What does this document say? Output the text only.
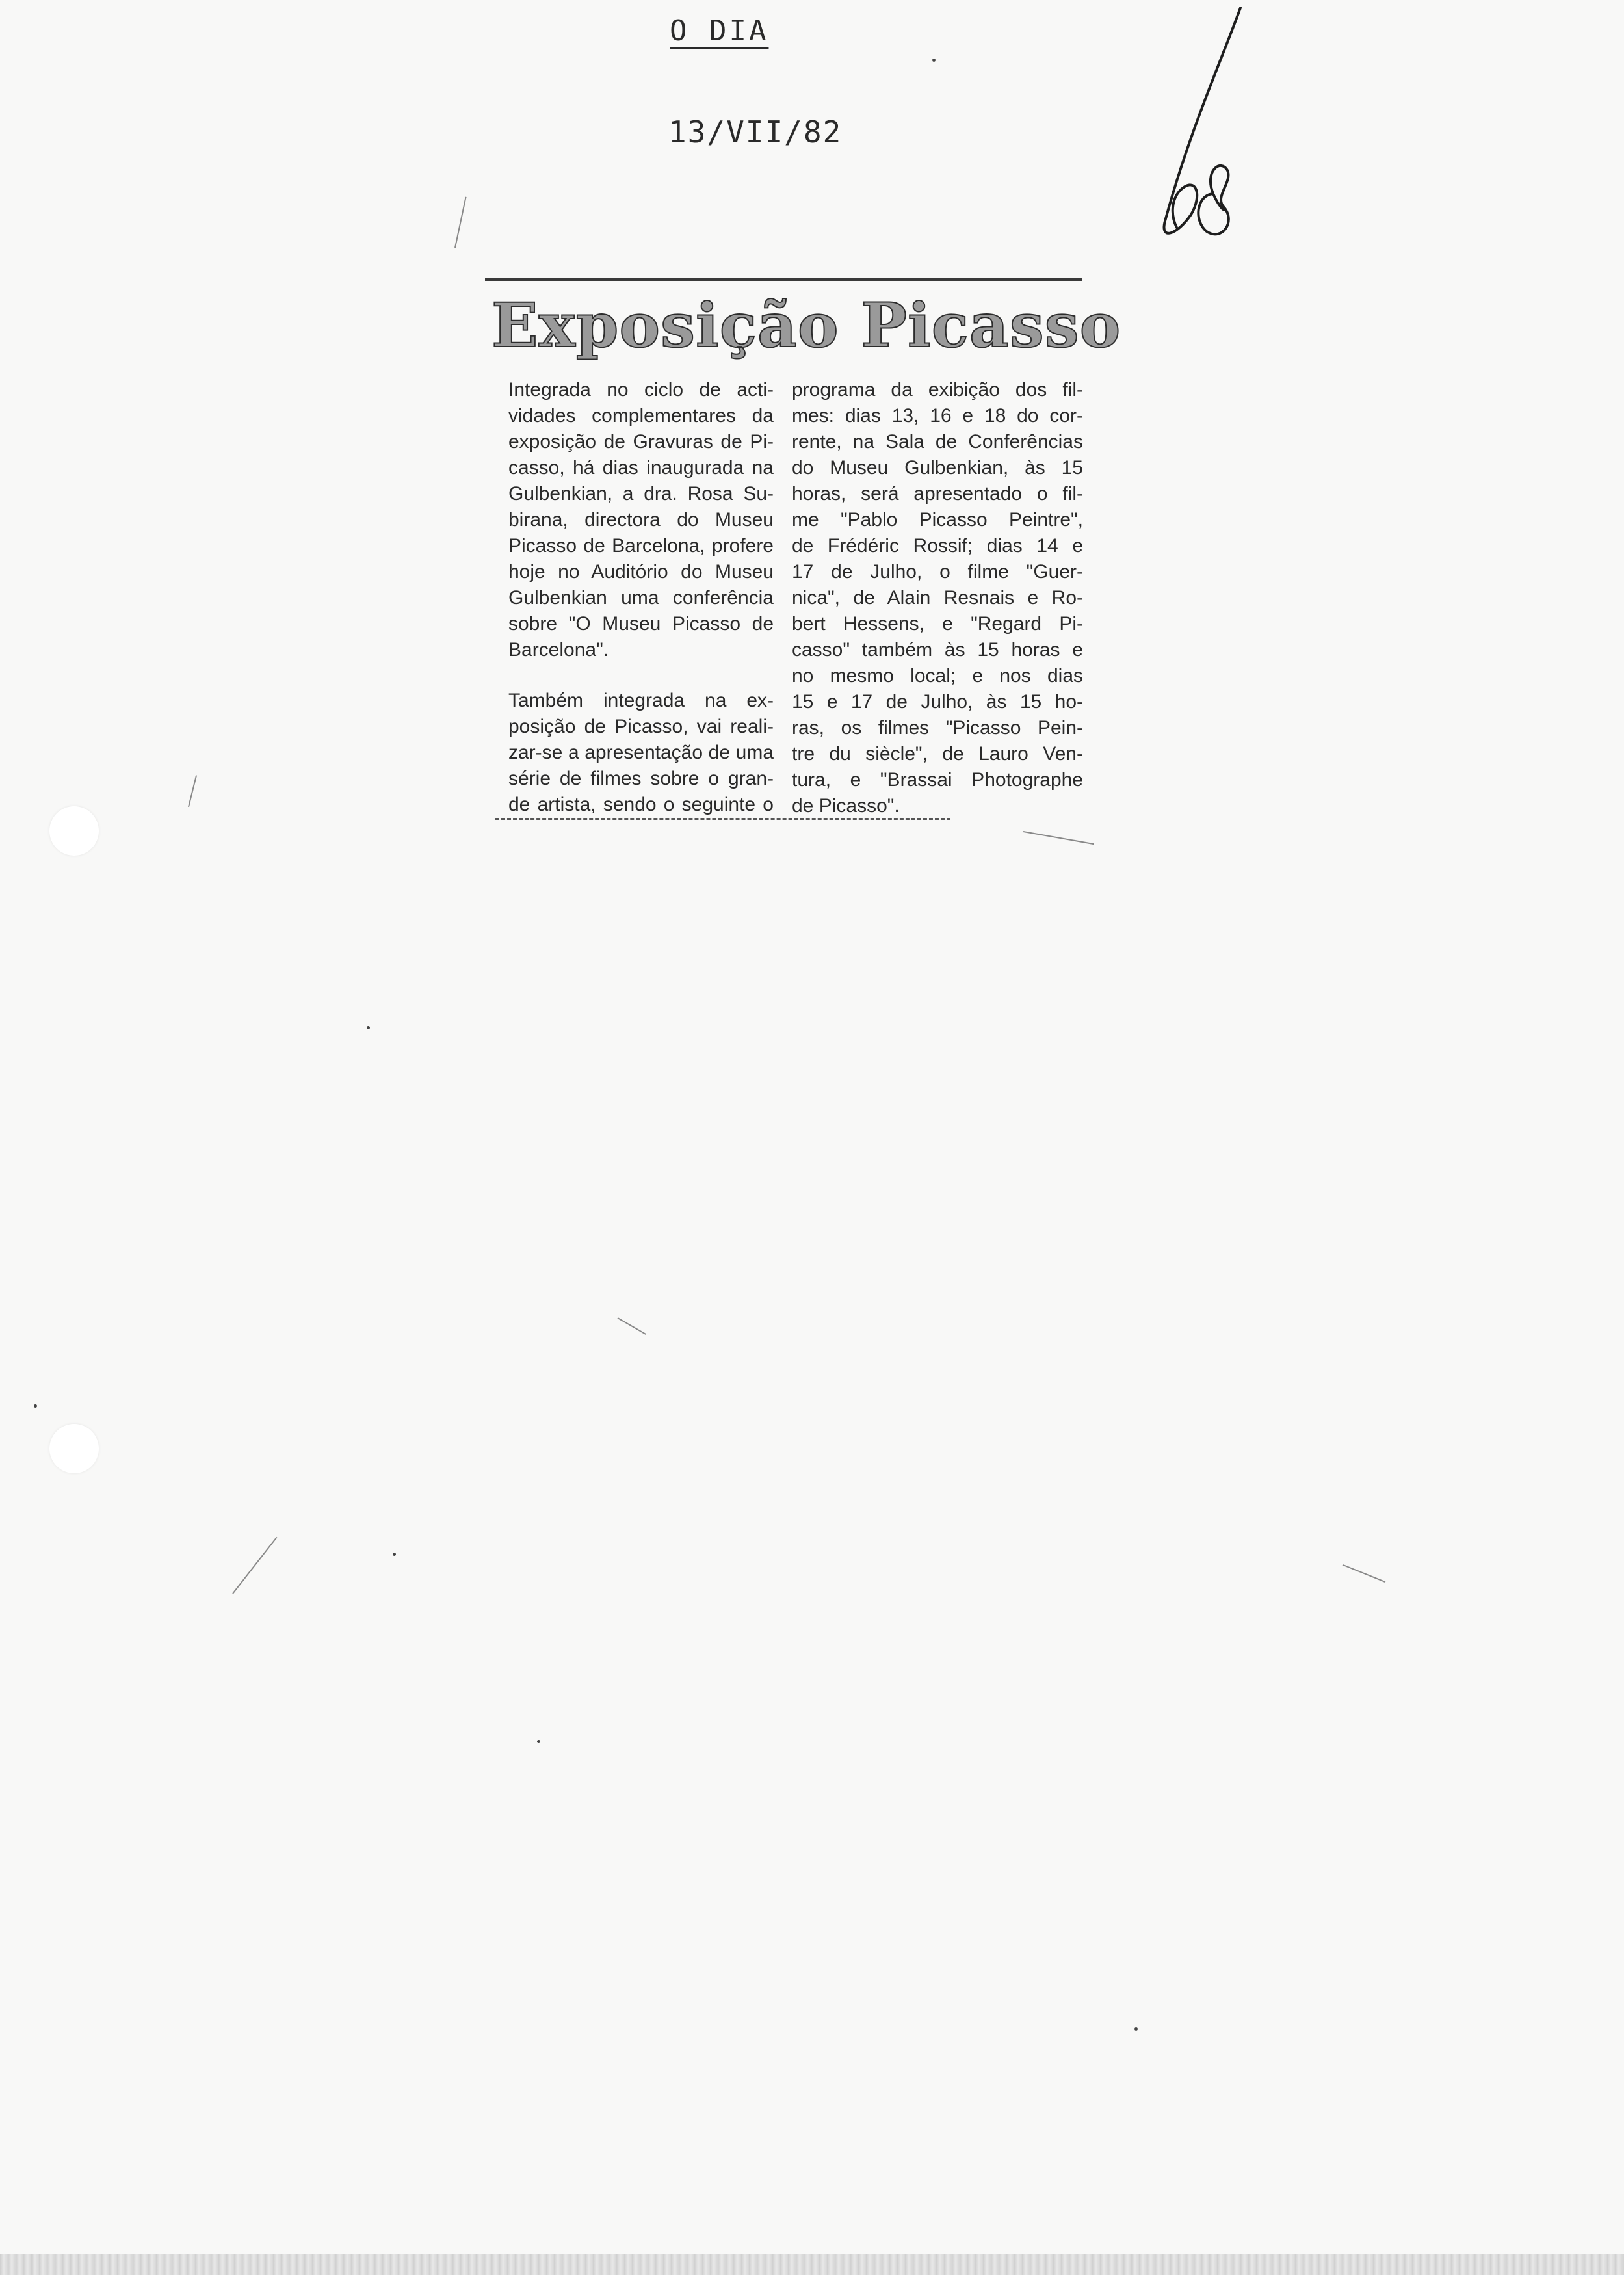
O DIA
13/VII/82
Exposição Picasso

Integrada no ciclo de acti-
vidades complementares da
exposição de Gravuras de Pi-
casso, há dias inaugurada na
Gulbenkian, a dra. Rosa Su-
birana, directora do Museu
Picasso de Barcelona, profere
hoje no Auditório do Museu
Gulbenkian uma conferência
sobre "O Museu Picasso de
Barcelona".

Também integrada na ex-
posição de Picasso, vai reali-
zar-se a apresentação de uma
série de filmes sobre o gran-
de artista, sendo o seguinte o

programa da exibição dos fil-
mes: dias 13, 16 e 18 do cor-
rente, na Sala de Conferências
do Museu Gulbenkian, às 15
horas, será apresentado o fil-
me "Pablo Picasso Peintre",
de Frédéric Rossif; dias 14 e
17 de Julho, o filme "Guer-
nica", de Alain Resnais e Ro-
bert Hessens, e "Regard Pi-
casso" também às 15 horas e
no mesmo local; e nos dias
15 e 17 de Julho, às 15 ho-
ras, os filmes "Picasso Pein-
tre du siècle", de Lauro Ven-
tura, e "Brassai Photographe
de Picasso".
